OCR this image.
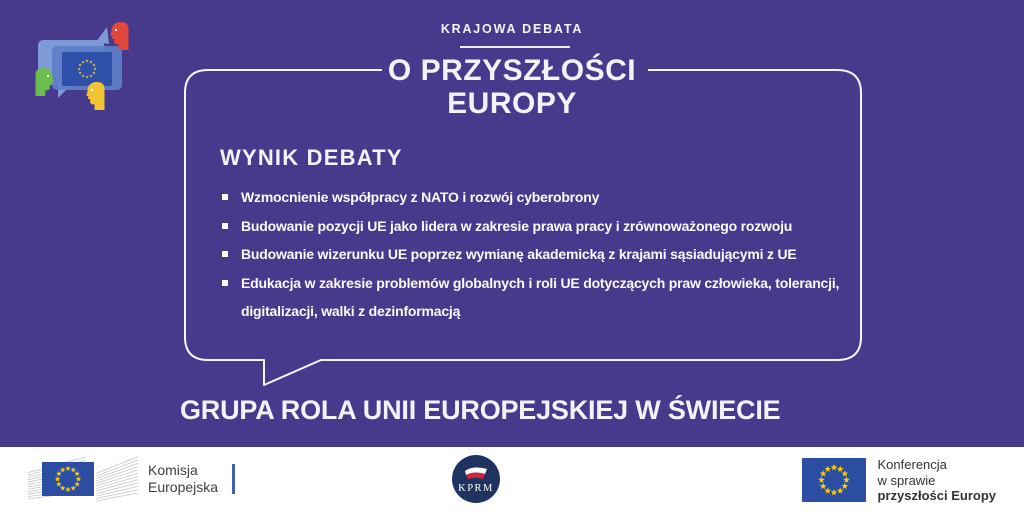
KRAJOWA DEBATA
O PRZYSZŁOŚCI
EUROPY
WYNIK DEBATY
Wzmocnienie współpracy z NATO i rozwój cyberobrony
Budowanie pozycji UE jako lidera w zakresie prawa pracy i zrównoważonego rozwoju
Budowanie wizerunku UE poprzez wymianę akademicką z krajami sąsiadującymi z UE
Edukacja w zakresie problemów globalnych i roli UE dotyczących praw człowieka, tolerancji, digitalizacji, walki z dezinformacją
GRUPA ROLA UNII EUROPEJSKIEJ W ŚWIECIE
Komisja
Europejska	KPRM
Konferencja
w sprawie
przyszłości Europy
